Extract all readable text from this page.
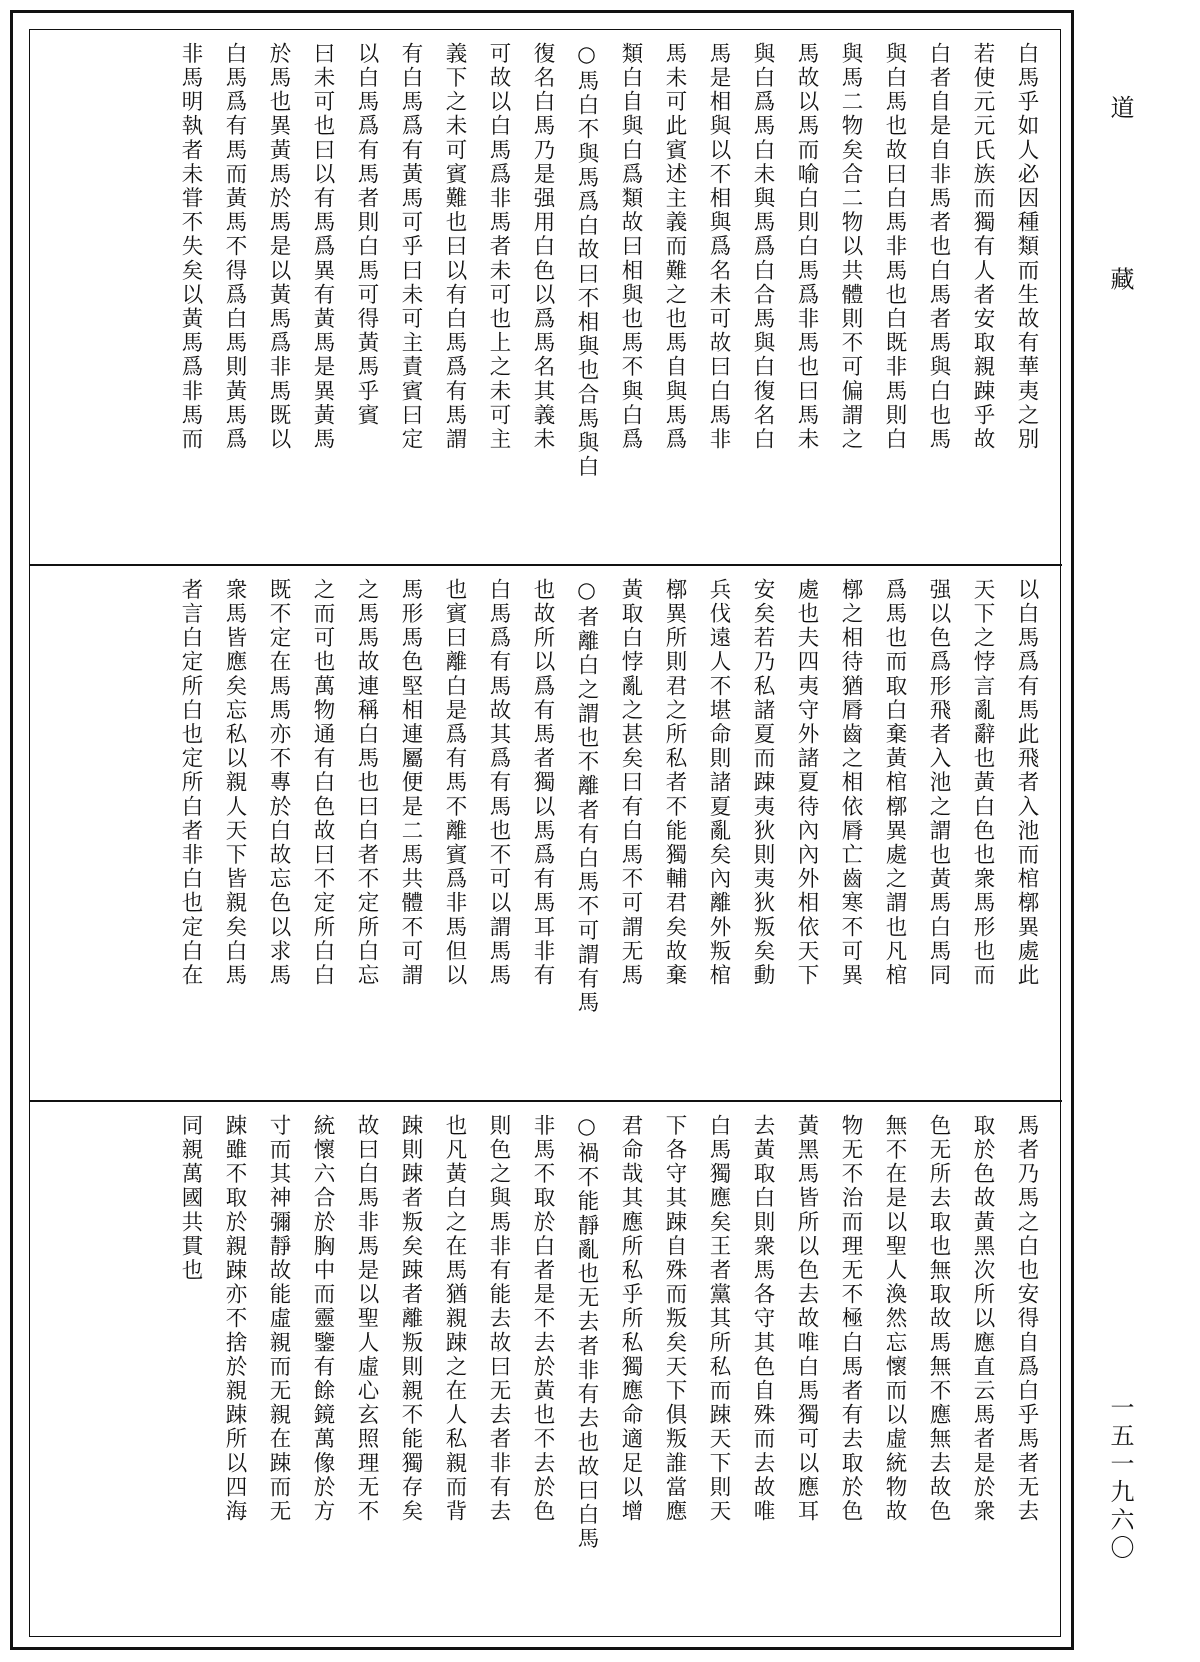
道 藏
一五一九六〇
白馬乎如人必因種類而生故有華夷之別
若使元元氏族而獨有人者安取親踈乎故
白者自是自非馬者也白馬者馬與白也馬
與白馬也故曰白馬非馬也白既非馬則白
與馬二物矣合二物以共體則不可偏謂之
馬故以馬而喻白則白馬爲非馬也曰馬未
與白爲馬白未與馬爲白合馬與白復名白
馬是相與以不相與爲名未可故曰白馬非
馬未可此賓述主義而難之也馬自與馬爲
類白自與白爲類故曰相與也馬不與白爲
○馬白不與馬爲白故曰不相與也合馬與白
復名白馬乃是强用白色以爲馬名其義未
可故以白馬爲非馬者未可也上之未可主
義下之未可賓難也曰以有白馬爲有馬謂
有白馬爲有黃馬可乎曰未可主責賓曰定
以白馬爲有馬者則白馬可得黃馬乎賓
曰未可也曰以有馬爲異有黃馬是異黃馬
於馬也異黃馬於馬是以黃馬爲非馬既以
白馬爲有馬而黃馬不得爲白馬則黃馬爲
非馬明執者未甞不失矣以黃馬爲非馬而
以白馬爲有馬此飛者入池而棺槨異處此
天下之悖言亂辭也黃白色也衆馬形也而
强以色爲形飛者入池之謂也黃馬白馬同
爲馬也而取白棄黃棺槨異處之謂也凡棺
槨之相待猶脣齒之相依脣亡齒寒不可異
處也夫四夷守外諸夏待內內外相依天下
安矣若乃私諸夏而踈夷狄則夷狄叛矣動
兵伐遠人不堪命則諸夏亂矣內離外叛棺
槨異所則君之所私者不能獨輔君矣故棄
黃取白悖亂之甚矣曰有白馬不可謂无馬
○者離白之謂也不離者有白馬不可謂有馬
也故所以爲有馬者獨以馬爲有馬耳非有
白馬爲有馬故其爲有馬也不可以謂馬馬
也賓曰離白是爲有馬不離賓爲非馬但以
馬形馬色堅相連屬便是二馬共體不可謂
之馬馬故連稱白馬也曰白者不定所白忘
之而可也萬物通有白色故曰不定所白白
既不定在馬馬亦不專於白故忘色以求馬
衆馬皆應矣忘私以親人天下皆親矣白馬
者言白定所白也定所白者非白也定白在
馬者乃馬之白也安得自爲白乎馬者无去
取於色故黃黑次所以應直云馬者是於衆
色无所去取也無取故馬無不應無去故色
無不在是以聖人渙然忘懷而以虛統物故
物无不治而理无不極白馬者有去取於色
黃黑馬皆所以色去故唯白馬獨可以應耳
去黃取白則衆馬各守其色自殊而去故唯
白馬獨應矣王者黨其所私而踈天下則天
下各守其踈自殊而叛矣天下俱叛誰當應
君命哉其應所私乎所私獨應命適足以增
○禍不能靜亂也无去者非有去也故曰白馬
非馬不取於白者是不去於黃也不去於色
則色之與馬非有能去故曰无去者非有去
也凡黃白之在馬猶親踈之在人私親而背
踈則踈者叛矣踈者離叛則親不能獨存矣
故曰白馬非馬是以聖人虛心玄照理无不
統懷六合於胸中而靈鑒有餘鏡萬像於方
寸而其神彌靜故能虛親而无親在踈而无
踈雖不取於親踈亦不捨於親踈所以四海
同親萬國共貫也
